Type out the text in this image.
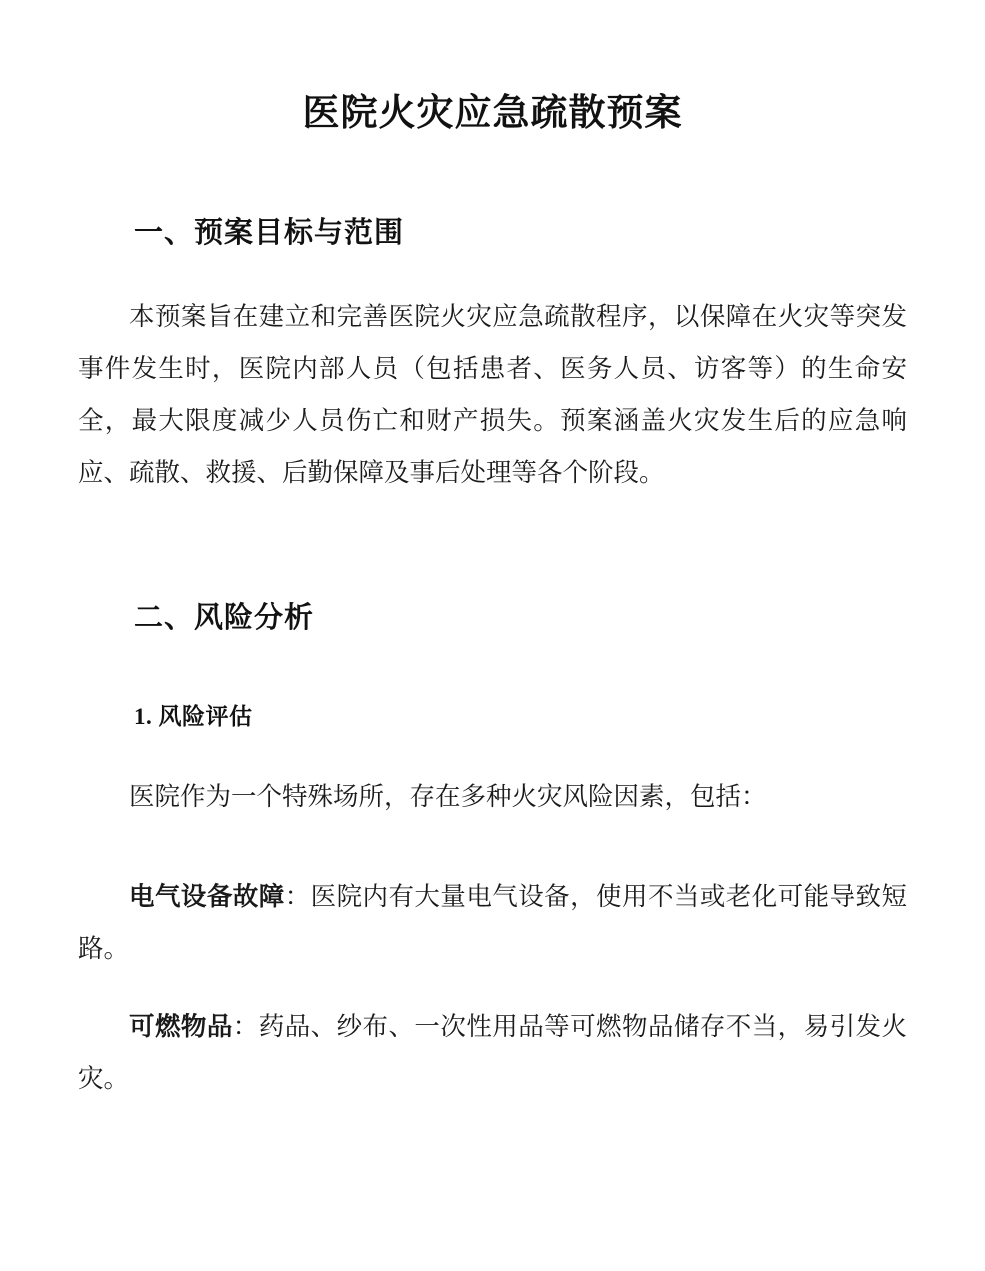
医院火灾应急疏散预案
一、预案目标与范围

本预案旨在建立和完善医院火灾应急疏散程序，以保障在火灾等突发事件发生时，医院内部人员（包括患者、医务人员、访客等）的生命安全，最大限度减少人员伤亡和财产损失。预案涵盖火灾发生后的应急响应、疏散、救援、后勤保障及事后处理等各个阶段。

二、风险分析
1. 风险评估

医院作为一个特殊场所，存在多种火灾风险因素，包括：

电气设备故障：医院内有大量电气设备，使用不当或老化可能导致短路。

可燃物品：药品、纱布、一次性用品等可燃物品储存不当，易引发火灾。
